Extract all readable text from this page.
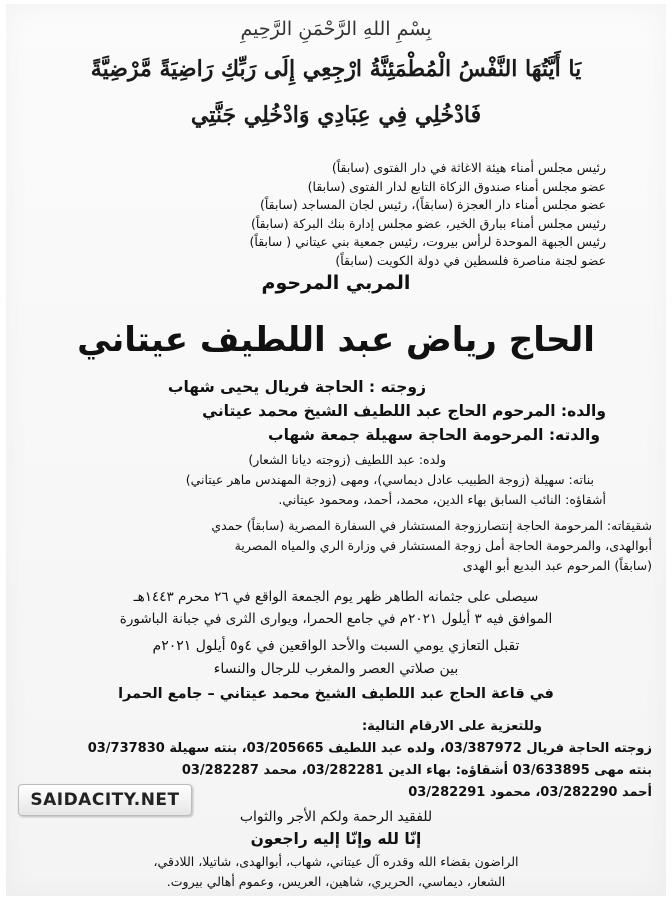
بِسْمِ اللهِ الرَّحْمَنِ الرَّحِيمِ
يَا أَيَّتُهَا النَّفْسُ الْمُطْمَئِنَّةُ ارْجِعِي إِلَى رَبِّكِ رَاضِيَةً مَّرْضِيَّةً
فَادْخُلِي فِي عِبَادِي وَادْخُلِي جَنَّتِي
رئيس مجلس أمناء هيئة الاغاثة في دار الفتوى (سابقاً)
عضو مجلس أمناء صندوق الزكاة التابع لدار الفتوى (سابقا)
عضو مجلس أمناء دار العجزة (سابقاً)، رئيس لجان المساجد (سابقاً)
رئيس مجلس أمناء ببارق الخير، عضو مجلس إدارة بنك البركة (سابقاً)
رئيس الجبهة الموحدة لرأس بيروت، رئيس جمعية بني عيتاني ( سابقاً)
عضو لجنة مناصرة فلسطين في دولة الكويت (سابقاً)
المربي المرحوم
الحاج رياض عبد اللطيف عيتاني
زوجته : الحاجة فريال يحيى شهاب
والده: المرحوم الحاج عبد اللطيف الشيخ محمد عيتاني
والدته: المرحومة الحاجة سهيلة جمعة شهاب
ولده: عبد اللطيف (زوجته ديانا الشعار)
بناته: سهيلة (زوجة الطبيب عادل ديماسي)، ومهى (زوجة المهندس ماهر عيتاني)
أشقاؤه: النائب السابق بهاء الدين، محمد، أحمد، ومحمود عيتاني.
شقيقاته: المرحومة الحاجة إنتصارزوجة المستشار في السفارة المصرية (سابقاً) حمدي
أبوالهدى، والمرحومة الحاجة أمل زوجة المستشار في وزارة الري والمياه المصرية
(سابقاً) المرحوم عبد البديع أبو الهدى
سيصلى على جثمانه الطاهر ظهر يوم الجمعة الواقع في ٢٦ محرم ١٤٤٣هـ
الموافق فيه ٣ أيلول ٢٠٢١م في جامع الحمرا، ويوارى الثرى في جبانة الباشورة
تقبل التعازي يومي السبت والأحد الواقعين في ٤و٥ أيلول ٢٠٢١م
بين صلاتي العصر والمغرب للرجال والنساء
في قاعة الحاج عبد اللطيف الشيخ محمد عيتاني – جامع الحمرا
وللتعزية على الارقام التالية:
زوجته الحاجة فريال 03/387972، ولده عبد اللطيف 03/205665، بنته سهيلة 03/737830
بنته مهى 03/633895 أشقاؤه: بهاء الدين 03/282281، محمد 03/282287
أحمد 03/282290، محمود 03/282291
SAIDACITY.NET
للفقيد الرحمة ولكم الأجر والثواب
إنّا لله وإنّا إليه راجعون
الراضون بقضاء الله وقدره آل عيتاني، شهاب، أبوالهدى، شاتيلا، اللادقي،
الشعار، ديماسي، الحريري، شاهين، العريس، وعموم أهالي بيروت.
